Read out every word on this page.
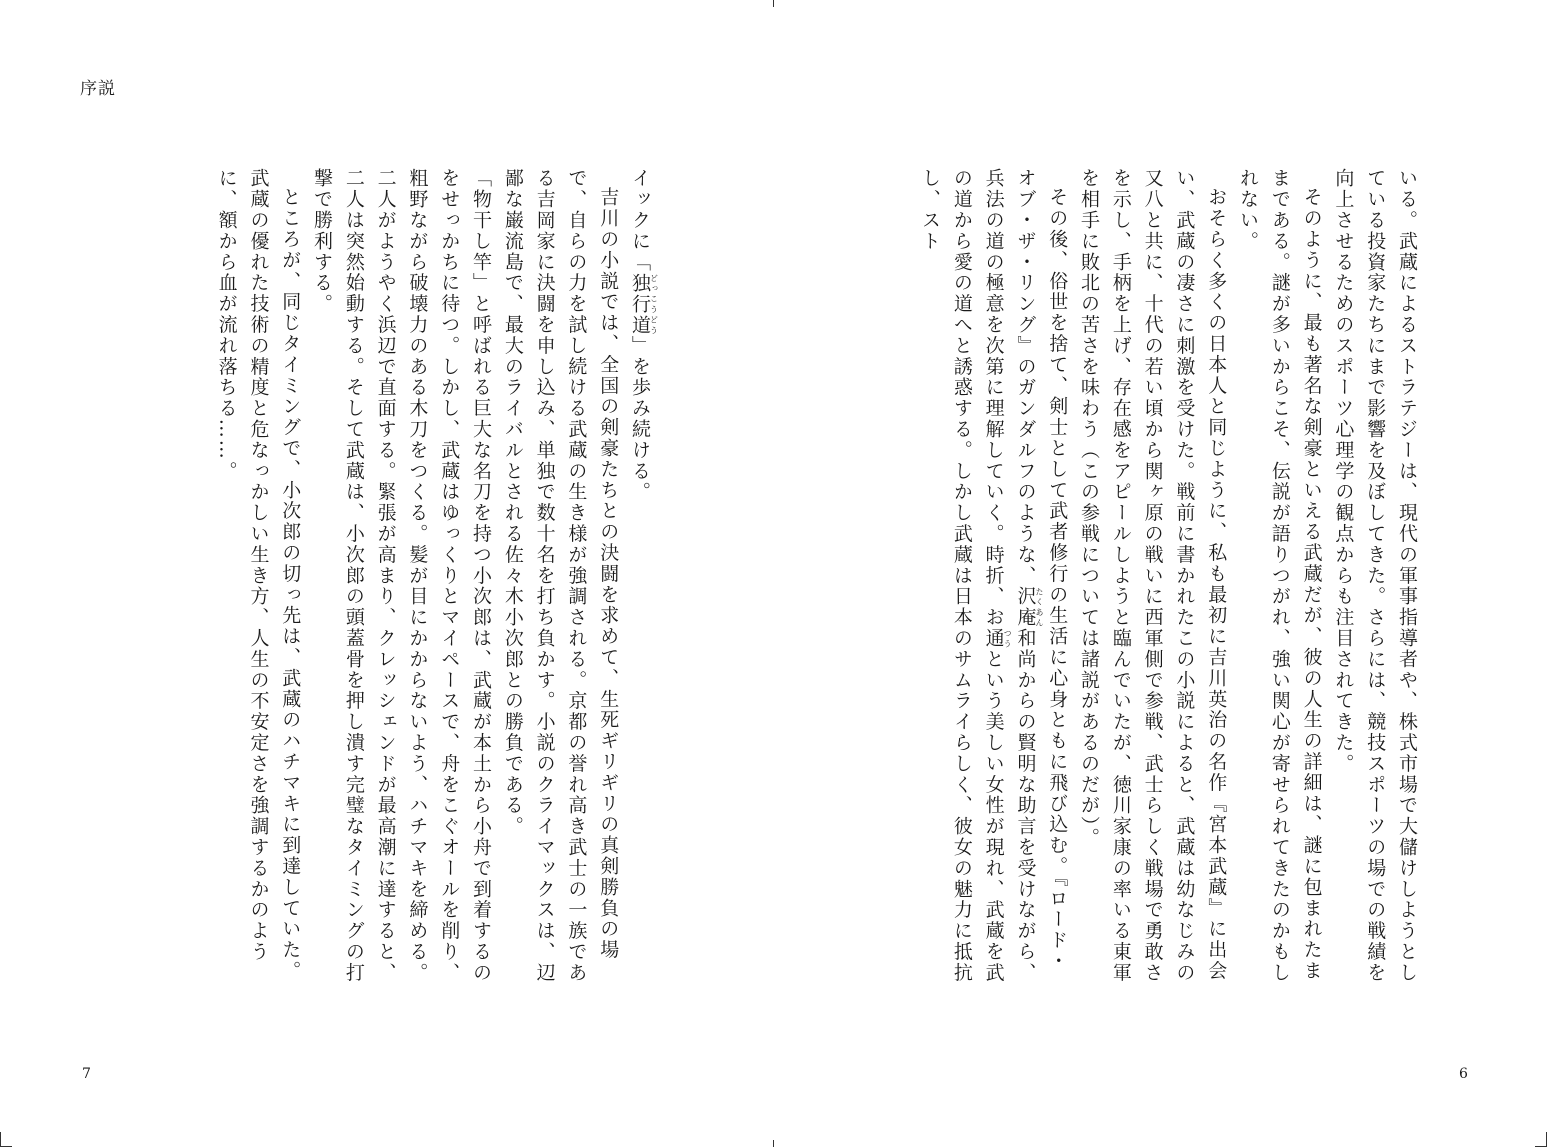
序説

いる。武蔵によるストラテジーは、現代の軍事指導者や、株式市場で大儲けしようとしている投資家たちにまで影響を及ぼしてきた。さらには、競技スポーツの場での戦績を向上させるためのスポーツ心理学の観点からも注目されてきた。

そのように、最も著名な剣豪といえる武蔵だが、彼の人生の詳細は、謎に包まれたままである。謎が多いからこそ、伝説が語りつがれ、強い関心が寄せられてきたのかもしれない。

おそらく多くの日本人と同じように、私も最初に吉川英治の名作『宮本武蔵』に出会い、武蔵の凄さに刺激を受けた。戦前に書かれたこの小説によると、武蔵は幼なじみの又八と共に、十代の若い頃から関ヶ原の戦いに西軍側で参戦、武士らしく戦場で勇敢さを示し、手柄を上げ、存在感をアピールしようと臨んでいたが、徳川家康の率いる東軍を相手に敗北の苦さを味わう（この参戦については諸説があるのだが）。

その後、俗世を捨て、剣士として武者修行の生活に心身ともに飛び込む。『ロード・オブ・ザ・リング』のガンダルフのような、沢庵たくあん和尚からの賢明な助言を受けながら、兵法の道の極意を次第に理解していく。時折、お通つうという美しい女性が現れ、武蔵を武の道から愛の道へと誘惑する。しかし武蔵は日本のサムライらしく、彼女の魅力に抵抗し、スト

イックに「独行道どっこうどう」を歩み続ける。

吉川の小説では、全国の剣豪たちとの決闘を求めて、生死ギリギリの真剣勝負の場で、自らの力を試し続ける武蔵の生き様が強調される。京都の誉れ高き武士の一族である吉岡家に決闘を申し込み、単独で数十名を打ち負かす。小説のクライマックスは、辺鄙な巌流島で、最大のライバルとされる佐々木小次郎との勝負である。

「物干し竿」と呼ばれる巨大な名刀を持つ小次郎は、武蔵が本土から小舟で到着するのをせっかちに待つ。しかし、武蔵はゆっくりとマイペースで、舟をこぐオールを削り、粗野ながら破壊力のある木刀をつくる。髪が目にかからないよう、ハチマキを締める。二人がようやく浜辺で直面する。緊張が高まり、クレッシェンドが最高潮に達すると、二人は突然始動する。そして武蔵は、小次郎の頭蓋骨を押し潰す完璧なタイミングの打撃で勝利する。

ところが、同じタイミングで、小次郎の切っ先は、武蔵のハチマキに到達していた。武蔵の優れた技術の精度と危なっかしい生き方、人生の不安定さを強調するかのように、額から血が流れ落ちる……。

7	6
